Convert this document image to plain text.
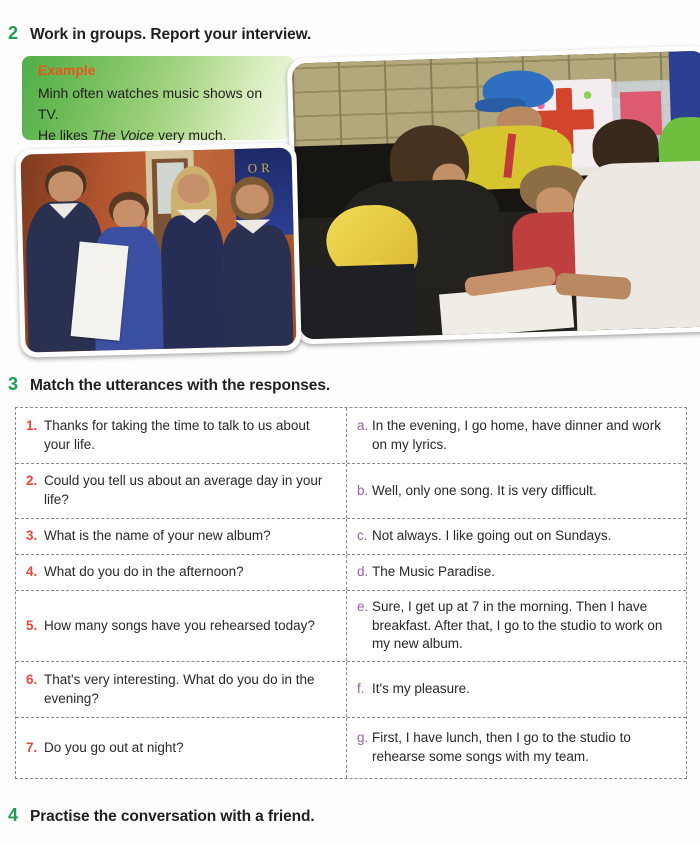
2 Work in groups. Report your interview.
Example
Minh often watches music shows on TV.
He likes The Voice very much.
OR
3 Match the utterances with the responses.
1. Thanks for taking the time to talk to us about your life.
a. In the evening, I go home, have dinner and work on my lyrics.
2. Could you tell us about an average day in your life?
b. Well, only one song. It is very difficult.
3. What is the name of your new album?	c. Not always. I like going out on Sundays.
4. What do you do in the afternoon?	d. The Music Paradise.
5. How many songs have you rehearsed today?
e. Sure, I get up at 7 in the morning. Then I have breakfast. After that, I go to the studio to work on my new album.
6. That's very interesting. What do you do in the evening?
f. It's my pleasure.
7. Do you go out at night?
g. First, I have lunch, then I go to the studio to rehearse some songs with my team.
4 Practise the conversation with a friend.
